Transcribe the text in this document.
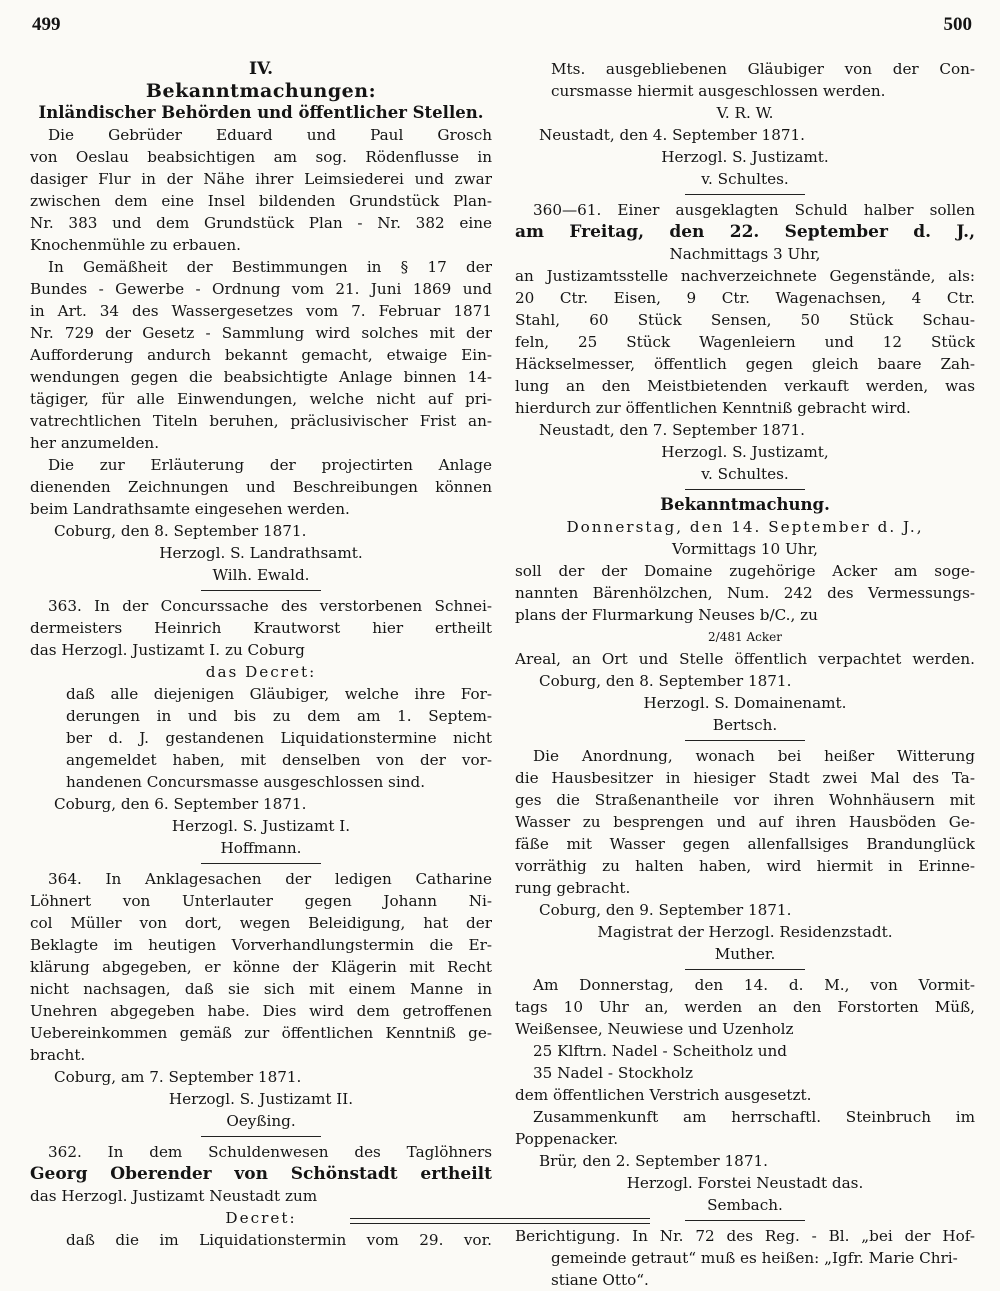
499	500
IV.
Bekanntmachungen:
Inländischer Behörden und öffentlicher Stellen.
Die Gebrüder Eduard und Paul Grosch
von Oeslau beabsichtigen am sog. Rödenflusse in
dasiger Flur in der Nähe ihrer Leimsiederei und zwar
zwischen dem eine Insel bildenden Grundstück Plan-
Nr. 383 und dem Grundstück Plan - Nr. 382 eine
Knochenmühle zu erbauen.
In Gemäßheit der Bestimmungen in § 17 der
Bundes - Gewerbe - Ordnung vom 21. Juni 1869 und
in Art. 34 des Wassergesetzes vom 7. Februar 1871
Nr. 729 der Gesetz - Sammlung wird solches mit der
Aufforderung andurch bekannt gemacht, etwaige Ein-
wendungen gegen die beabsichtigte Anlage binnen 14-
tägiger, für alle Einwendungen, welche nicht auf pri-
vatrechtlichen Titeln beruhen, präclusivischer Frist an-
her anzumelden.
Die zur Erläuterung der projectirten Anlage
dienenden Zeichnungen und Beschreibungen können
beim Landrathsamte eingesehen werden.
Coburg, den 8. September 1871.
Herzogl. S. Landrathsamt.
Wilh. Ewald.
363. In der Concurssache des verstorbenen Schnei-
dermeisters Heinrich Krautworst hier ertheilt
das Herzogl. Justizamt I. zu Coburg
das Decret:
daß alle diejenigen Gläubiger, welche ihre For-
derungen in und bis zu dem am 1. Septem-
ber d. J. gestandenen Liquidationstermine nicht
angemeldet haben, mit denselben von der vor-
handenen Concursmasse ausgeschlossen sind.
Coburg, den 6. September 1871.
Herzogl. S. Justizamt I.
Hoffmann.
364. In Anklagesachen der ledigen Catharine
Löhnert von Unterlauter gegen Johann Ni-
col Müller von dort, wegen Beleidigung, hat der
Beklagte im heutigen Vorverhandlungstermin die Er-
klärung abgegeben, er könne der Klägerin mit Recht
nicht nachsagen, daß sie sich mit einem Manne in
Unehren abgegeben habe. Dies wird dem getroffenen
Uebereinkommen gemäß zur öffentlichen Kenntniß ge-
bracht.
Coburg, am 7. September 1871.
Herzogl. S. Justizamt II.
Oeyßing.
362. In dem Schuldenwesen des Taglöhners
Georg Oberender von Schönstadt ertheilt
das Herzogl. Justizamt Neustadt zum
Decret:
daß die im Liquidationstermin vom 29. vor.
Mts. ausgebliebenen Gläubiger von der Con-
cursmasse hiermit ausgeschlossen werden.
V. R. W.
Neustadt, den 4. September 1871.
Herzogl. S. Justizamt.
v. Schultes.
360—61. Einer ausgeklagten Schuld halber sollen
am Freitag, den 22. September d. J.,
Nachmittags 3 Uhr,
an Justizamtsstelle nachverzeichnete Gegenstände, als:
20 Ctr. Eisen, 9 Ctr. Wagenachsen, 4 Ctr.
Stahl, 60 Stück Sensen, 50 Stück Schau-
feln, 25 Stück Wagenleiern und 12 Stück
Häckselmesser, öffentlich gegen gleich baare Zah-
lung an den Meistbietenden verkauft werden, was
hierdurch zur öffentlichen Kenntniß gebracht wird.
Neustadt, den 7. September 1871.
Herzogl. S. Justizamt,
v. Schultes.
Bekanntmachung.
Donnerstag, den 14. September d. J.,
Vormittags 10 Uhr,
soll der der Domaine zugehörige Acker am soge-
nannten Bärenhölzchen, Num. 242 des Vermessungs-
plans der Flurmarkung Neuses b/C., zu
2/481 Acker
Areal, an Ort und Stelle öffentlich verpachtet werden.
Coburg, den 8. September 1871.
Herzogl. S. Domainenamt.
Bertsch.
Die Anordnung, wonach bei heißer Witterung
die Hausbesitzer in hiesiger Stadt zwei Mal des Ta-
ges die Straßenantheile vor ihren Wohnhäusern mit
Wasser zu besprengen und auf ihren Hausböden Ge-
fäße mit Wasser gegen allenfallsiges Brandunglück
vorräthig zu halten haben, wird hiermit in Erinne-
rung gebracht.
Coburg, den 9. September 1871.
Magistrat der Herzogl. Residenzstadt.
Muther.
Am Donnerstag, den 14. d. M., von Vormit-
tags 10 Uhr an, werden an den Forstorten Müß,
Weißensee, Neuwiese und Uzenholz
25 Klftrn. Nadel - Scheitholz und
35 Nadel - Stockholz
dem öffentlichen Verstrich ausgesetzt.
Zusammenkunft am herrschaftl. Steinbruch im
Poppenacker.
Brür, den 2. September 1871.
Herzogl. Forstei Neustadt das.
Sembach.
Berichtigung. In Nr. 72 des Reg. - Bl. „bei der Hof-
gemeinde getraut“ muß es heißen: „Igfr. Marie Chri-
stiane Otto“.
